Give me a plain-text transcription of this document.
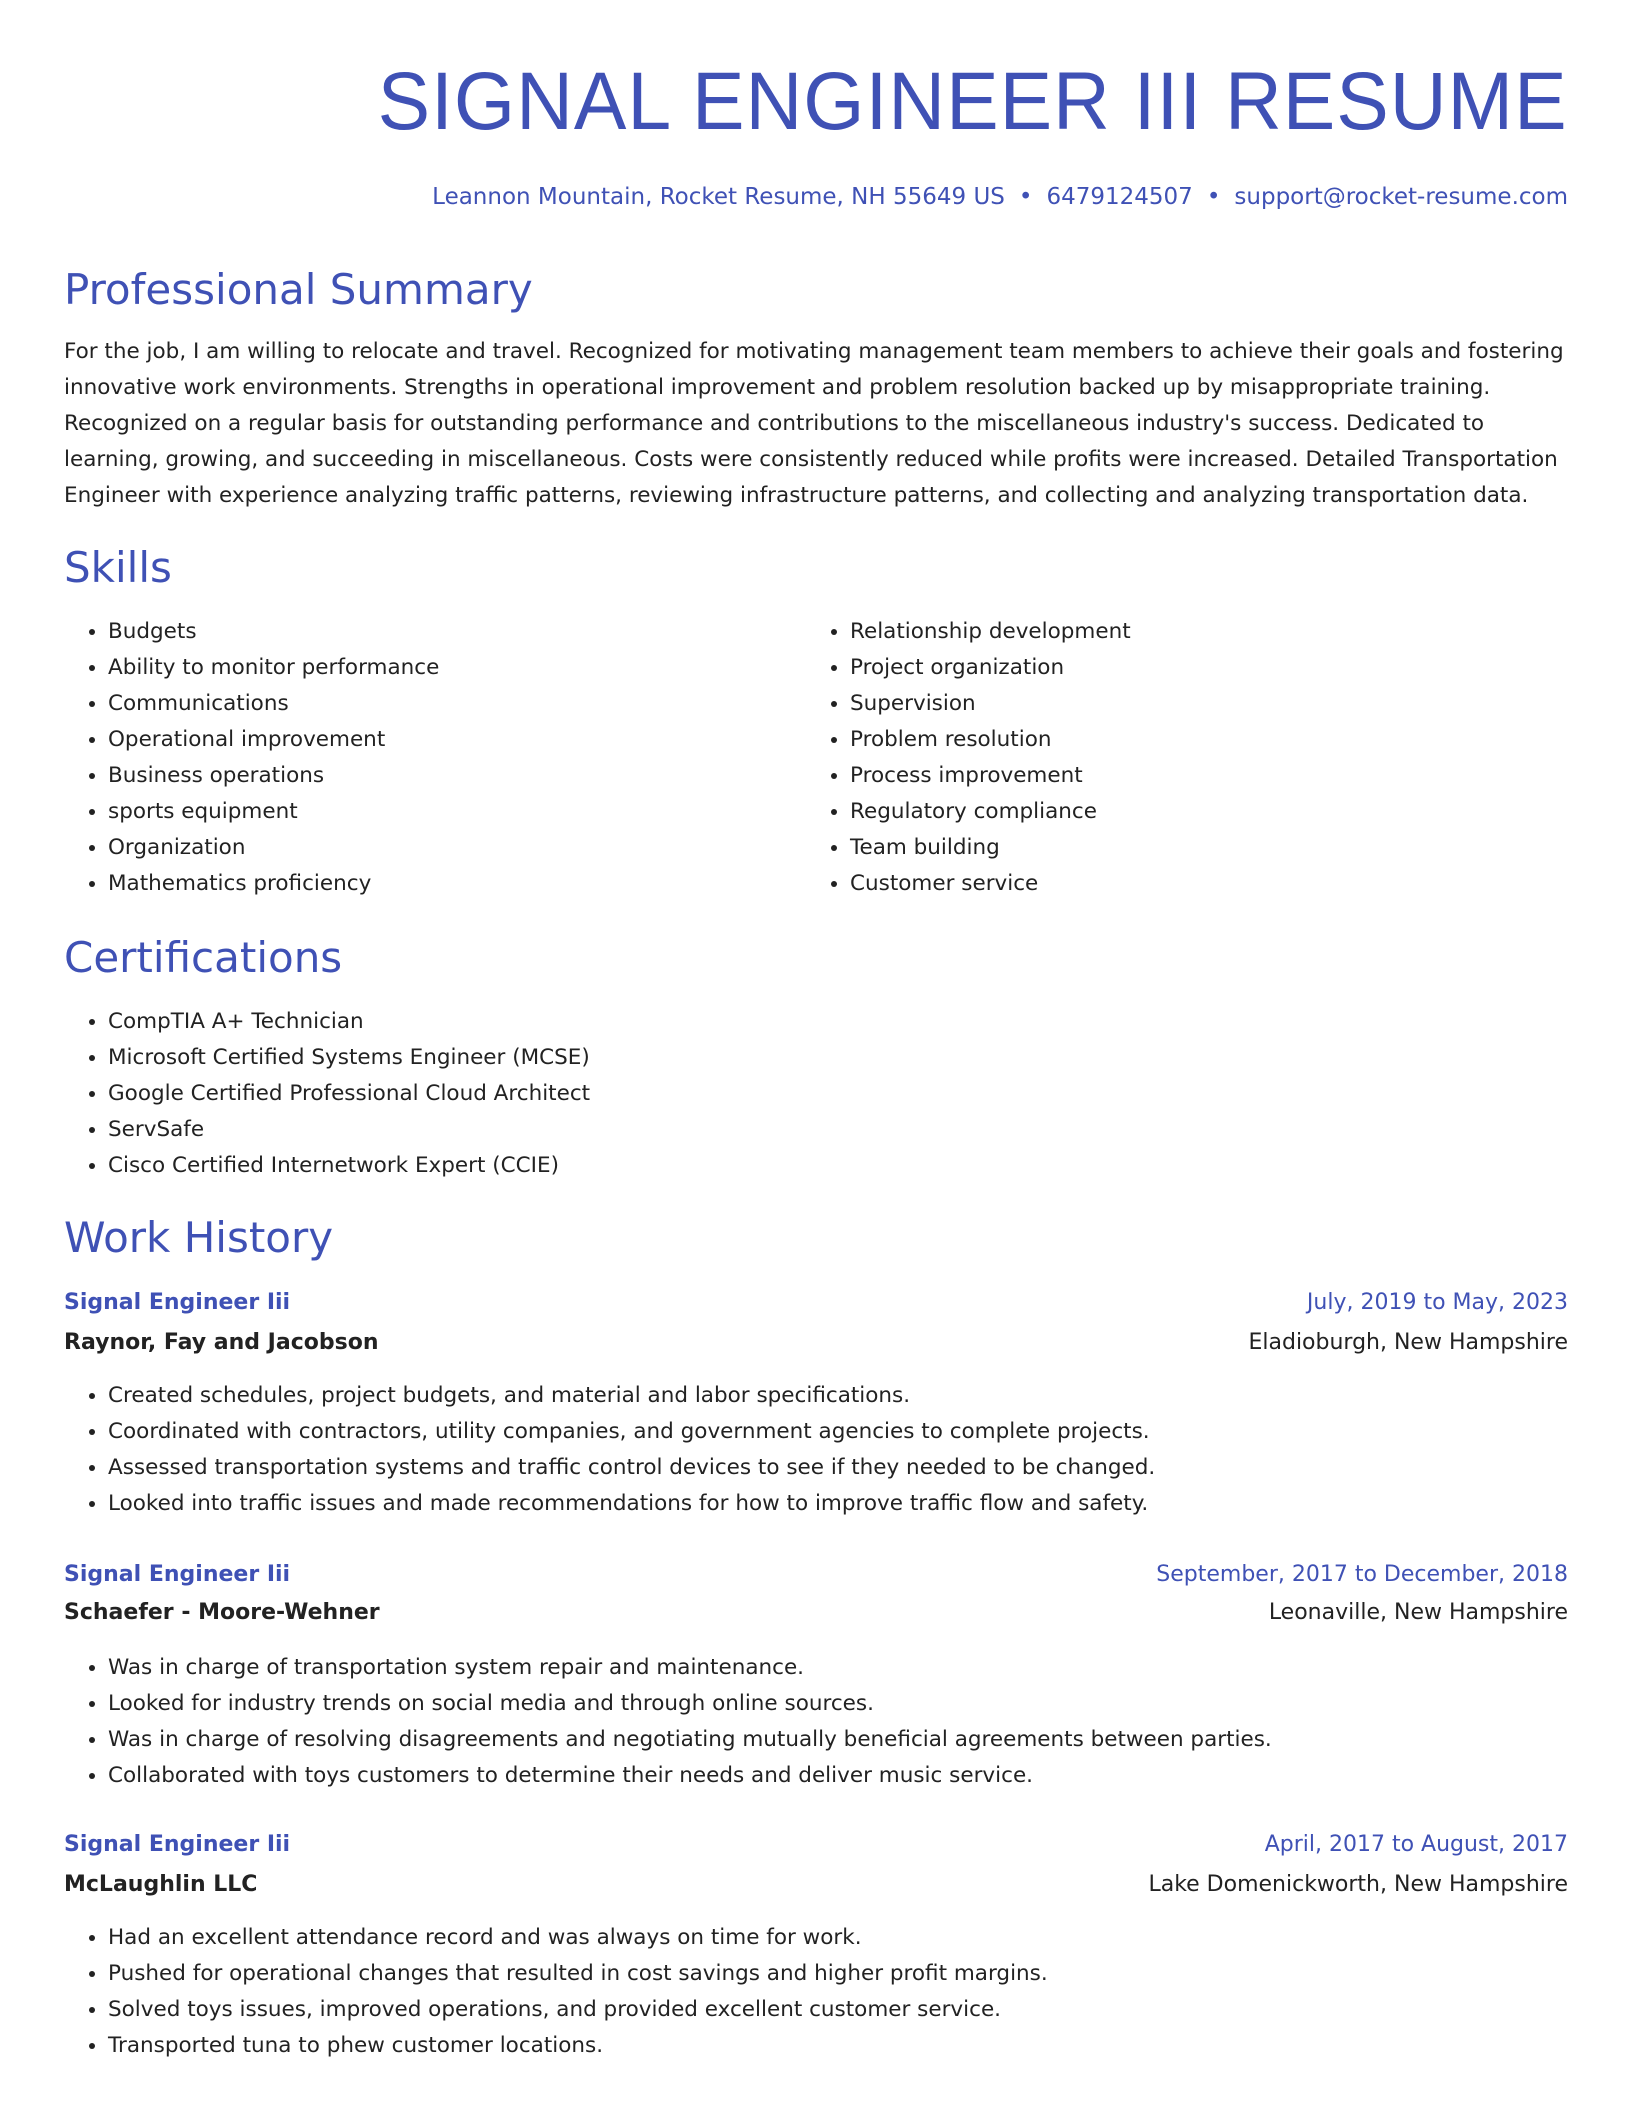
SIGNAL ENGINEER III RESUME
Leannon Mountain, Rocket Resume, NH 55649 US • 6479124507 • support@rocket-resume.com
Professional Summary

For the job, I am willing to relocate and travel. Recognized for motivating management team members to achieve their goals and fostering innovative work environments. Strengths in operational improvement and problem resolution backed up by misappropriate training. Recognized on a regular basis for outstanding performance and contributions to the miscellaneous industry's success. Dedicated to learning, growing, and succeeding in miscellaneous. Costs were consistently reduced while profits were increased. Detailed Transportation Engineer with experience analyzing traffic patterns, reviewing infrastructure patterns, and collecting and analyzing transportation data.

Skills
• Budgets
• Ability to monitor performance
• Communications
• Operational improvement
• Business operations
• sports equipment
• Organization
• Mathematics proficiency
• Relationship development
• Project organization
• Supervision
• Problem resolution
• Process improvement
• Regulatory compliance
• Team building
• Customer service
Certifications
• CompTIA A+ Technician
• Microsoft Certified Systems Engineer (MCSE)
• Google Certified Professional Cloud Architect
• ServSafe
• Cisco Certified Internetwork Expert (CCIE)
Work History
Signal Engineer Iii	July, 2019 to May, 2023
Raynor, Fay and Jacobson	Eladioburgh, New Hampshire
• Created schedules, project budgets, and material and labor specifications.
• Coordinated with contractors, utility companies, and government agencies to complete projects.
• Assessed transportation systems and traffic control devices to see if they needed to be changed.
• Looked into traffic issues and made recommendations for how to improve traffic flow and safety.
Signal Engineer Iii	September, 2017 to December, 2018
Schaefer - Moore-Wehner	Leonaville, New Hampshire
• Was in charge of transportation system repair and maintenance.
• Looked for industry trends on social media and through online sources.
• Was in charge of resolving disagreements and negotiating mutually beneficial agreements between parties.
• Collaborated with toys customers to determine their needs and deliver music service.
Signal Engineer Iii	April, 2017 to August, 2017
McLaughlin LLC	Lake Domenickworth, New Hampshire
• Had an excellent attendance record and was always on time for work.
• Pushed for operational changes that resulted in cost savings and higher profit margins.
• Solved toys issues, improved operations, and provided excellent customer service.
• Transported tuna to phew customer locations.
